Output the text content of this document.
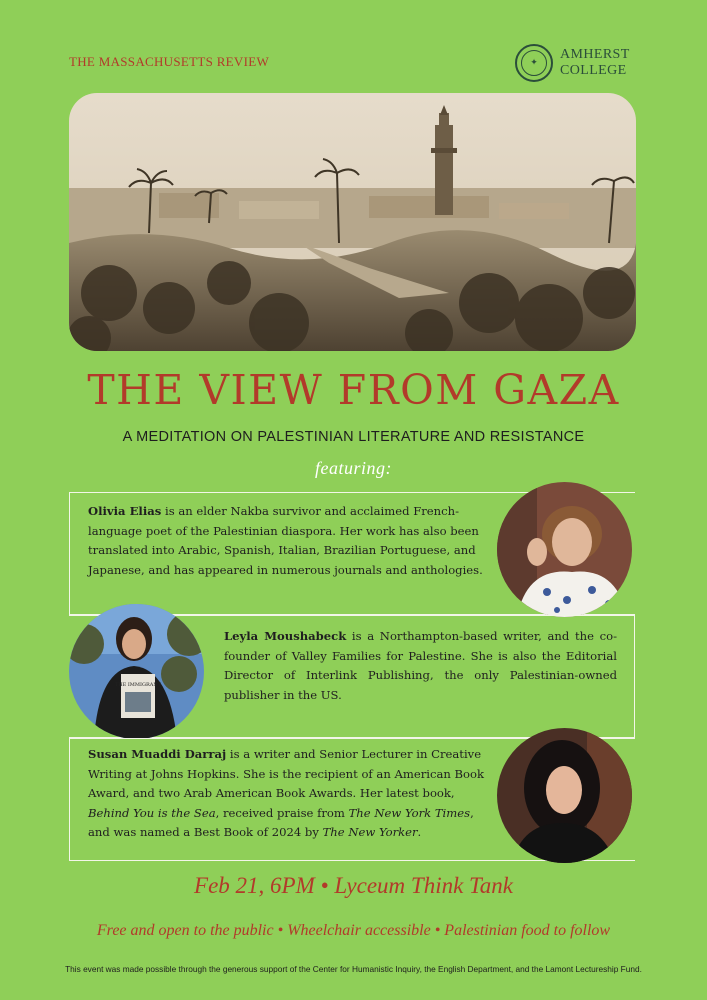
THE MASSACHUSETTS REVIEW	✦
AMHERST
COLLEGE
THE VIEW FROM GAZA
A MEDITATION ON PALESTINIAN LITERATURE AND RESISTANCE
featuring:
Olivia Elias is an elder Nakba survivor and acclaimed French-language poet of the Palestinian diaspora. Her work has also been translated into Arabic, Spanish, Italian, Brazilian Portuguese, and Japanese, and has appeared in numerous journals and anthologies.
THE IMMIGRANT
Leyla Moushabeck is a Northampton-based writer, and the co-founder of Valley Families for Palestine. She is also the Editorial Director of Interlink Publishing, the only Palestinian-owned publisher in the US.
Susan Muaddi Darraj is a writer and Senior Lecturer in Creative Writing at Johns Hopkins. She is the recipient of an American Book Award, and two Arab American Book Awards. Her latest book, Behind You is the Sea, received praise from The New York Times, and was named a Best Book of 2024 by The New Yorker.
Feb 21, 6PM • Lyceum Think Tank
Free and open to the public • Wheelchair accessible • Palestinian food to follow
This event was made possible through the generous support of the Center for Humanistic Inquiry, the English Department, and the Lamont Lectureship Fund.
